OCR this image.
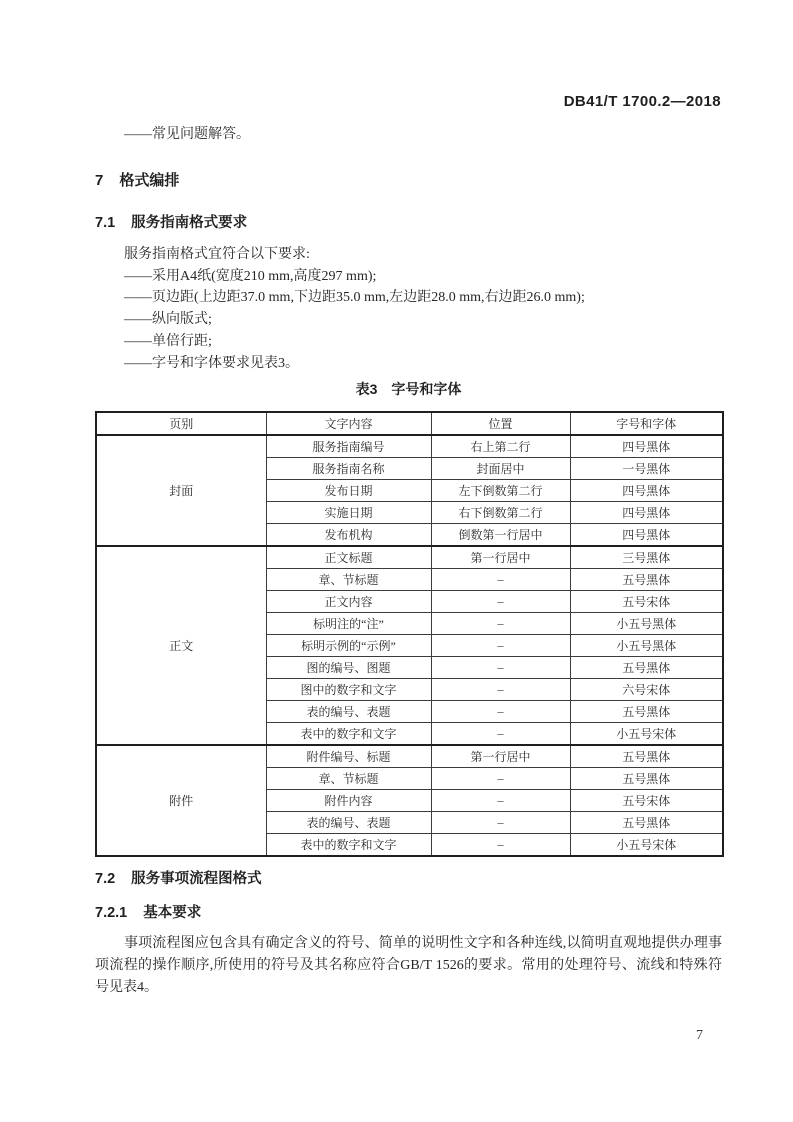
DB41/T 1700.2—2018
——常见问题解答。
7 格式编排
7.1 服务指南格式要求
服务指南格式宜符合以下要求:
——采用A4纸(宽度210 mm,高度297 mm);
——页边距(上边距37.0 mm,下边距35.0 mm,左边距28.0 mm,右边距26.0 mm);
——纵向版式;
——单倍行距;
——字号和字体要求见表3。
表3 字号和字体
页别	文字内容	位置	字号和字体
封面	服务指南编号	右上第二行	四号黑体
	服务指南名称	封面居中	一号黑体
	发布日期	左下倒数第二行	四号黑体
	实施日期	右下倒数第二行	四号黑体
	发布机构	倒数第一行居中	四号黑体
正文	正文标题	第一行居中	三号黑体
	章、节标题	–	五号黑体
	正文内容	–	五号宋体
	标明注的“注”	–	小五号黑体
	标明示例的“示例”	–	小五号黑体
	图的编号、图题	–	五号黑体
	图中的数字和文字	–	六号宋体
	表的编号、表题	–	五号黑体
	表中的数字和文字	–	小五号宋体
附件	附件编号、标题	第一行居中	五号黑体
	章、节标题	–	五号黑体
	附件内容	–	五号宋体
	表的编号、表题	–	五号黑体
	表中的数字和文字	–	小五号宋体
7.2 服务事项流程图格式
7.2.1 基本要求
事项流程图应包含具有确定含义的符号、简单的说明性文字和各种连线,以简明直观地提供办理事
项流程的操作顺序,所使用的符号及其名称应符合GB/T 1526的要求。常用的处理符号、流线和特殊符
号见表4。
7
